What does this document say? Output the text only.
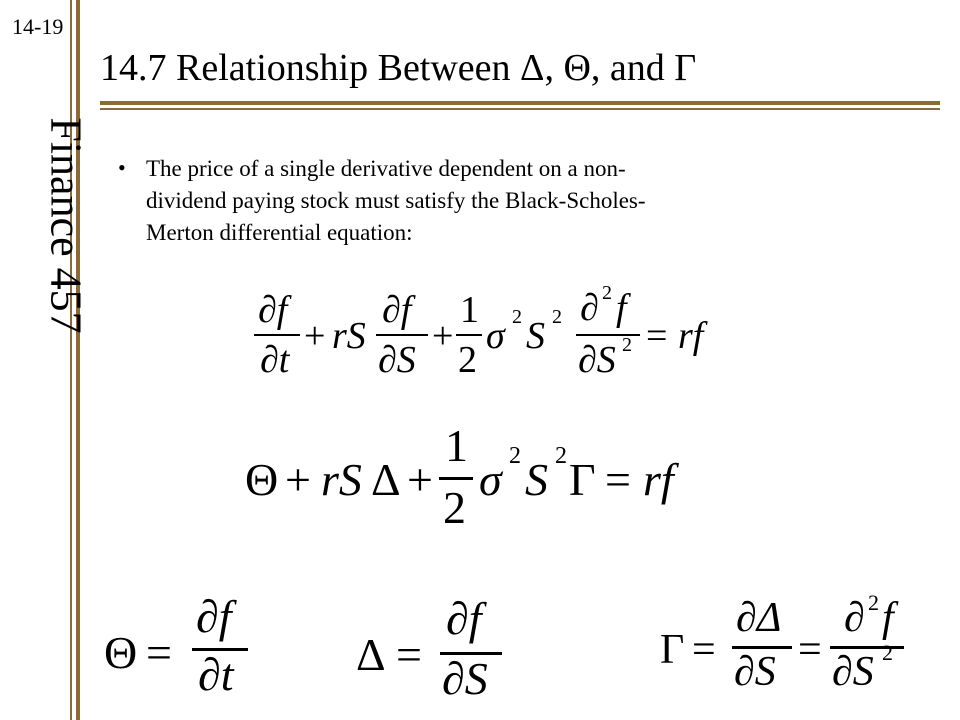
14-19
Finance 457
14.7 Relationship Between Δ, Θ, and Γ
• The price of a single derivative dependent on a non-
dividend paying stock must satisfy the Black-Scholes-
Merton differential equation:
∂f
∂t
+ rS
∂f
∂S
+
1
2
σ 2 S 2 ∂ 2 f
∂S 2 = rf
Θ + rS Δ +
1
2
σ 2 S 2 Γ = rf
Θ =
∂f
∂t	Δ =
∂f
∂S
Γ =
∂Δ
∂S =
∂ 2 f
∂S 2
